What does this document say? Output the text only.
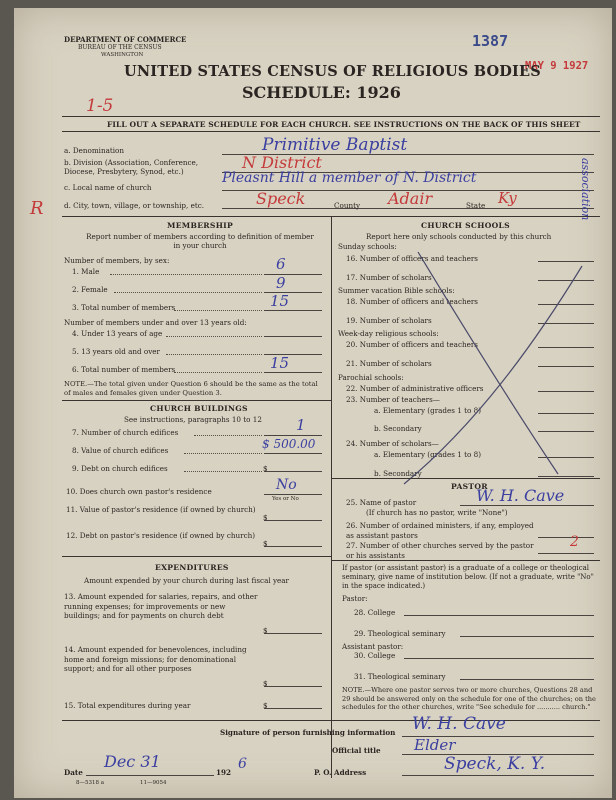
DEPARTMENT OF COMMERCE
BUREAU OF THE CENSUS
WASHINGTON
1387
MAY 9 1927
UNITED STATES CENSUS OF RELIGIOUS BODIES
SCHEDULE: 1926
1-5
FILL OUT A SEPARATE SCHEDULE FOR EACH CHURCH. SEE INSTRUCTIONS ON THE BACK OF THIS SHEET
a. Denomination	Primitive Baptist
b. Division (Association, Conference,
Diocese, Presbytery, Synod, etc.)	N District
c. Local name of church
Pleasnt Hill a member of N. District
R	d. City, town, village, or township, etc.	Speck	County Adair	State Ky	association
MEMBERSHIP
Report number of members according to definition of member in your church
Number of members, by sex:
1. Male	6
2. Female	9
3. Total number of members	15
Number of members under and over 13 years old:
4. Under 13 years of age
5. 13 years old and over
6. Total number of members	15
NOTE.—The total given under Question 6 should be the same as the total of males and females given under Question 3.
CHURCH BUILDINGS
See instructions, paragraphs 10 to 12
7. Number of church edifices	1
8. Value of church edifices	$ 500.00
9. Debt on church edifices	$
10. Does church own pastor's residence	No
Yes or No
11. Value of pastor's residence (if owned by church)
$
12. Debt on pastor's residence (if owned by church)
$
EXPENDITURES
Amount expended by your church during last fiscal year
13. Amount expended for salaries, repairs, and other running expenses; for improvements or new buildings; and for payments on church debt
$
14. Amount expended for benevolences, including home and foreign missions; for denominational support; and for all other purposes
$
15. Total expenditures during year	$
CHURCH SCHOOLS
Report here only schools conducted by this church
Sunday schools:
16. Number of officers and teachers
17. Number of scholars
Summer vacation Bible schools:
18. Number of officers and teachers
19. Number of scholars
Week-day religious schools:
20. Number of officers and teachers
21. Number of scholars
Parochial schools:
22. Number of administrative officers
23. Number of teachers—
a. Elementary (grades 1 to 8)
b. Secondary
24. Number of scholars—
a. Elementary (grades 1 to 8)
b. Secondary
PASTOR
25. Name of pastor	W. H. Cave
(If church has no pastor, write "None")
26. Number of ordained ministers, if any, employed as assistant pastors
27. Number of other churches served by the pastor or his assistants
2
If pastor (or assistant pastor) is a graduate of a college or theological seminary, give name of institution below. (If not a graduate, write "No" in the space indicated.)
Pastor:
28. College
29. Theological seminary
Assistant pastor:
30. College
31. Theological seminary
NOTE.—Where one pastor serves two or more churches, Questions 28 and 29 should be answered only on the schedule for one of the churches; on the schedules for the other churches, write "See schedule for ........... church."
Signature of person furnishing information W. H. Cave
Official title Elder
Date
Dec 31
192
6
P. O. Address	Speck, K. Y.
8—5318 a	11—9054
